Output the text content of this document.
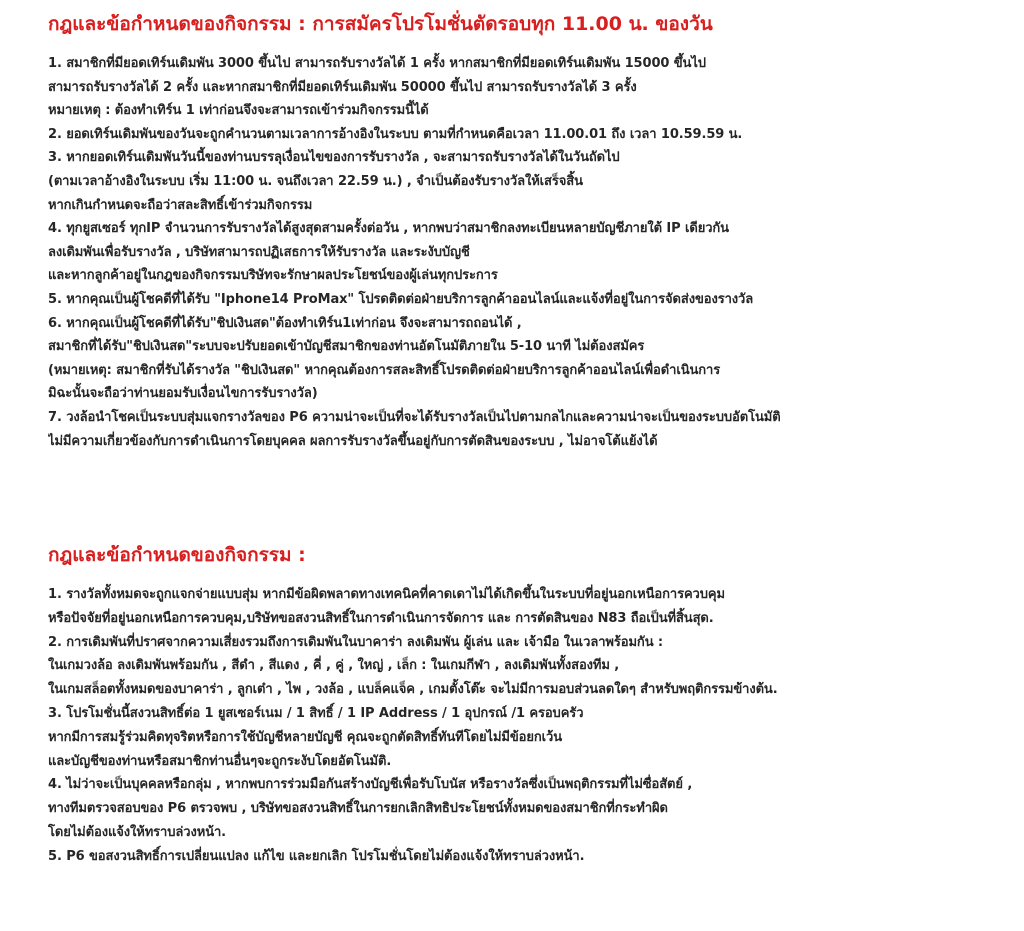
กฎและข้อกำหนดของกิจกรรม : การสมัครโปรโมชั่นตัดรอบทุก 11.00 น. ของวัน
1. สมาชิกที่มียอดเทิร์นเดิมพัน 3000 ขึ้นไป สามารถรับรางวัลได้ 1 ครั้ง หากสมาชิกที่มียอดเทิร์นเดิมพัน 15000 ขึ้นไป
สามารถรับรางวัลได้ 2 ครั้ง และหากสมาชิกที่มียอดเทิร์นเดิมพัน 50000 ขึ้นไป สามารถรับรางวัลได้ 3 ครั้ง
หมายเหตุ : ต้องทำเทิร์น 1 เท่าก่อนจึงจะสามารถเข้าร่วมกิจกรรมนี้ได้
2. ยอดเทิร์นเดิมพันของวันจะถูกคำนวนตามเวลาการอ้างอิงในระบบ ตามที่กำหนดคือเวลา 11.00.01 ถึง เวลา 10.59.59 น.
3. หากยอดเทิร์นเดิมพันวันนี้ของท่านบรรลุเงื่อนไขของการรับรางวัล , จะสามารถรับรางวัลได้ในวันถัดไป
(ตามเวลาอ้างอิงในระบบ เริ่ม 11:00 น. จนถึงเวลา 22.59 น.) , จำเป็นต้องรับรางวัลให้เสร็จสิ้น
หากเกินกำหนดจะถือว่าสละสิทธิ์เข้าร่วมกิจกรรม
4. ทุกยูสเซอร์ ทุกIP จำนวนการรับรางวัลได้สูงสุดสามครั้งต่อวัน , หากพบว่าสมาชิกลงทะเบียนหลายบัญชีภายใต้ IP เดียวกัน
ลงเดิมพันเพื่อรับรางวัล , บริษัทสามารถปฏิเสธการให้รับรางวัล และระงับบัญชี
และหากลูกค้าอยู่ในกฎของกิจกรรมบริษัทจะรักษาผลประโยชน์ของผู้เล่นทุกประการ
5. หากคุณเป็นผู้โชคดีที่ได้รับ "Iphone14 ProMax" โปรดติดต่อฝ่ายบริการลูกค้าออนไลน์และแจ้งที่อยู่ในการจัดส่งของรางวัล
6. หากคุณเป็นผู้โชคดีที่ได้รับ"ชิปเงินสด"ต้องทำเทิร์น1เท่าก่อน จึงจะสามารถถอนได้ ,
สมาชิกที่ได้รับ"ชิปเงินสด"ระบบจะปรับยอดเข้าบัญชีสมาชิกของท่านอัตโนมัติภายใน 5-10 นาที ไม่ต้องสมัคร
(หมายเหตุ: สมาชิกที่รับได้รางวัล "ชิปเงินสด" หากคุณต้องการสละสิทธิ์โปรดติดต่อฝ่ายบริการลูกค้าออนไลน์เพื่อดำเนินการ
มิฉะนั้นจะถือว่าท่านยอมรับเงื่อนไขการรับรางวัล)
7. วงล้อนำโชคเป็นระบบสุ่มแจกรางวัลของ P6 ความน่าจะเป็นที่จะได้รับรางวัลเป็นไปตามกลไกและความน่าจะเป็นของระบบอัตโนมัติ
ไม่มีความเกี่ยวข้องกับการดำเนินการโดยบุคคล ผลการรับรางวัลขึ้นอยู่กับการตัดสินของระบบ , ไม่อาจโต้แย้งได้
กฎและข้อกำหนดของกิจกรรม :
1. รางวัลทั้งหมดจะถูกแจกจ่ายแบบสุ่ม หากมีข้อผิดพลาดทางเทคนิคที่คาดเดาไม่ได้เกิดขึ้นในระบบที่อยู่นอกเหนือการควบคุม
หรือปัจจัยที่อยู่นอกเหนือการควบคุม,บริษัทขอสงวนสิทธิ์ในการดำเนินการจัดการ และ การตัดสินของ N83 ถือเป็นที่สิ้นสุด.
2. การเดิมพันที่ปราศจากความเสี่ยงรวมถึงการเดิมพันในบาคาร่า ลงเดิมพัน ผู้เล่น และ เจ้ามือ ในเวลาพร้อมกัน :
ในเกมวงล้อ ลงเดิมพันพร้อมกัน , สีดำ , สีแดง , คี่ , คู่ , ใหญ่ , เล็ก : ในเกมกีฬา , ลงเดิมพันทั้งสองทีม ,
ในเกมสล็อตทั้งหมดของบาคาร่า , ลูกเต๋า , ไพ , วงล้อ , แบล็คแจ็ค , เกมตั้งโต๊ะ จะไม่มีการมอบส่วนลดใดๆ สำหรับพฤติกรรมข้างต้น.
3. โปรโมชั่นนี้สงวนสิทธิ์ต่อ 1 ยูสเซอร์เนม / 1 สิทธิ์ / 1 IP Address / 1 อุปกรณ์ /1 ครอบครัว
หากมีการสมรู้ร่วมคิดทุจริตหรือการใช้บัญชีหลายบัญชี คุณจะถูกตัดสิทธิ์ทันทีโดยไม่มีข้อยกเว้น
และบัญชีของท่านหรือสมาชิกท่านอื่นๆจะถูกระงับโดยอัตโนมัติ.
4. ไม่ว่าจะเป็นบุคคลหรือกลุ่ม , หากพบการร่วมมือกันสร้างบัญชีเพื่อรับโบนัส หรือรางวัลซึ่งเป็นพฤติกรรมที่ไม่ซื่อสัตย์ ,
ทางทีมตรวจสอบของ P6 ตรวจพบ , บริษัทขอสงวนสิทธิ์ในการยกเลิกสิทธิประโยชน์ทั้งหมดของสมาชิกที่กระทำผิด
โดยไม่ต้องแจ้งให้ทราบล่วงหน้า.
5. P6 ขอสงวนสิทธิ์การเปลี่ยนแปลง แก้ไข และยกเลิก โปรโมชั่นโดยไม่ต้องแจ้งให้ทราบล่วงหน้า.
